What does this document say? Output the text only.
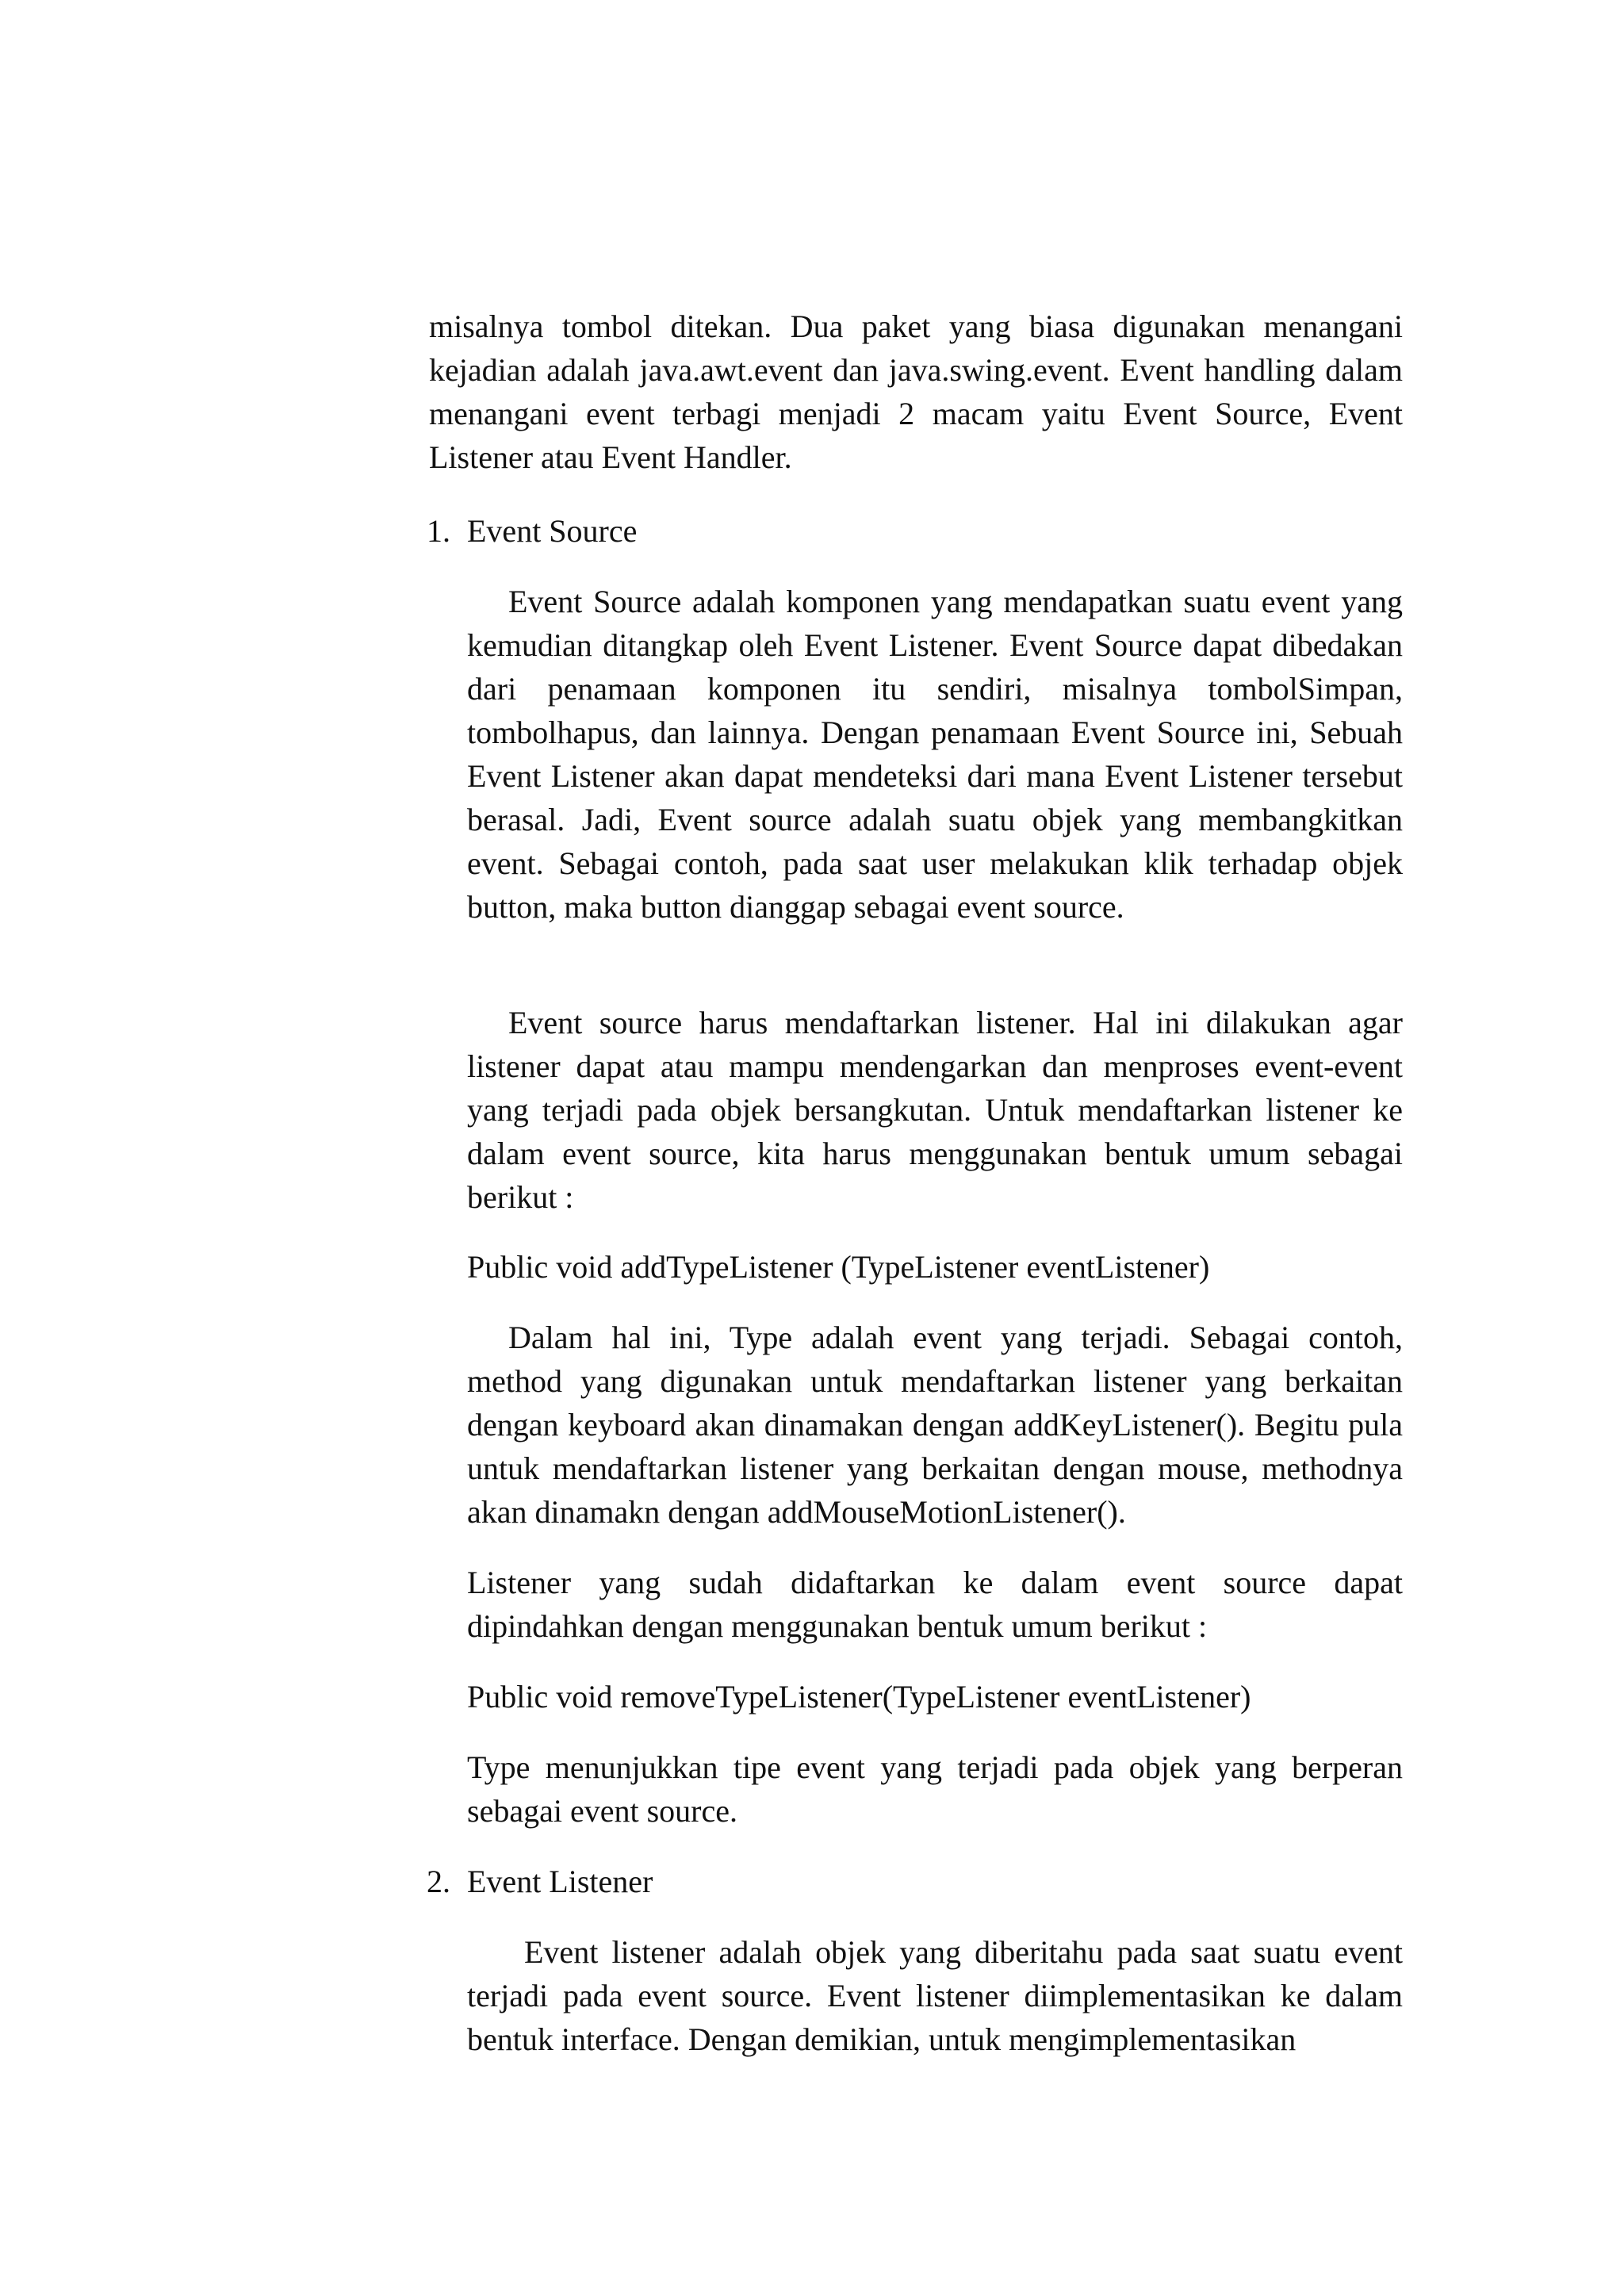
misalnya tombol ditekan. Dua paket yang biasa digunakan menangani kejadian adalah java.awt.event dan java.swing.event. Event handling dalam menangani event terbagi menjadi 2 macam yaitu Event Source, Event Listener atau Event Handler.

1. Event Source

Event Source adalah komponen yang mendapatkan suatu event yang kemudian ditangkap oleh Event Listener. Event Source dapat dibedakan dari penamaan komponen itu sendiri, misalnya tombolSimpan, tombolhapus, dan lainnya. Dengan penamaan Event Source ini, Sebuah Event Listener akan dapat mendeteksi dari mana Event Listener tersebut berasal. Jadi, Event source adalah suatu objek yang membangkitkan event. Sebagai contoh, pada saat user melakukan klik terhadap objek button, maka button dianggap sebagai event source.

Event source harus mendaftarkan listener. Hal ini dilakukan agar listener dapat atau mampu mendengarkan dan menproses event-event yang terjadi pada objek bersangkutan. Untuk mendaftarkan listener ke dalam event source, kita harus menggunakan bentuk umum sebagai berikut :

Public void addTypeListener (TypeListener eventListener)

Dalam hal ini, Type adalah event yang terjadi. Sebagai contoh, method yang digunakan untuk mendaftarkan listener yang berkaitan dengan keyboard akan dinamakan dengan addKeyListener(). Begitu pula untuk mendaftarkan listener yang berkaitan dengan mouse, methodnya akan dinamakn dengan addMouseMotionListener().

Listener yang sudah didaftarkan ke dalam event source dapat dipindahkan dengan menggunakan bentuk umum berikut :

Public void removeTypeListener(TypeListener eventListener)

Type menunjukkan tipe event yang terjadi pada objek yang berperan sebagai event source.

2. Event Listener

Event listener adalah objek yang diberitahu pada saat suatu event terjadi pada event source. Event listener diimplementasikan ke dalam bentuk interface. Dengan demikian, untuk mengimplementasikan
